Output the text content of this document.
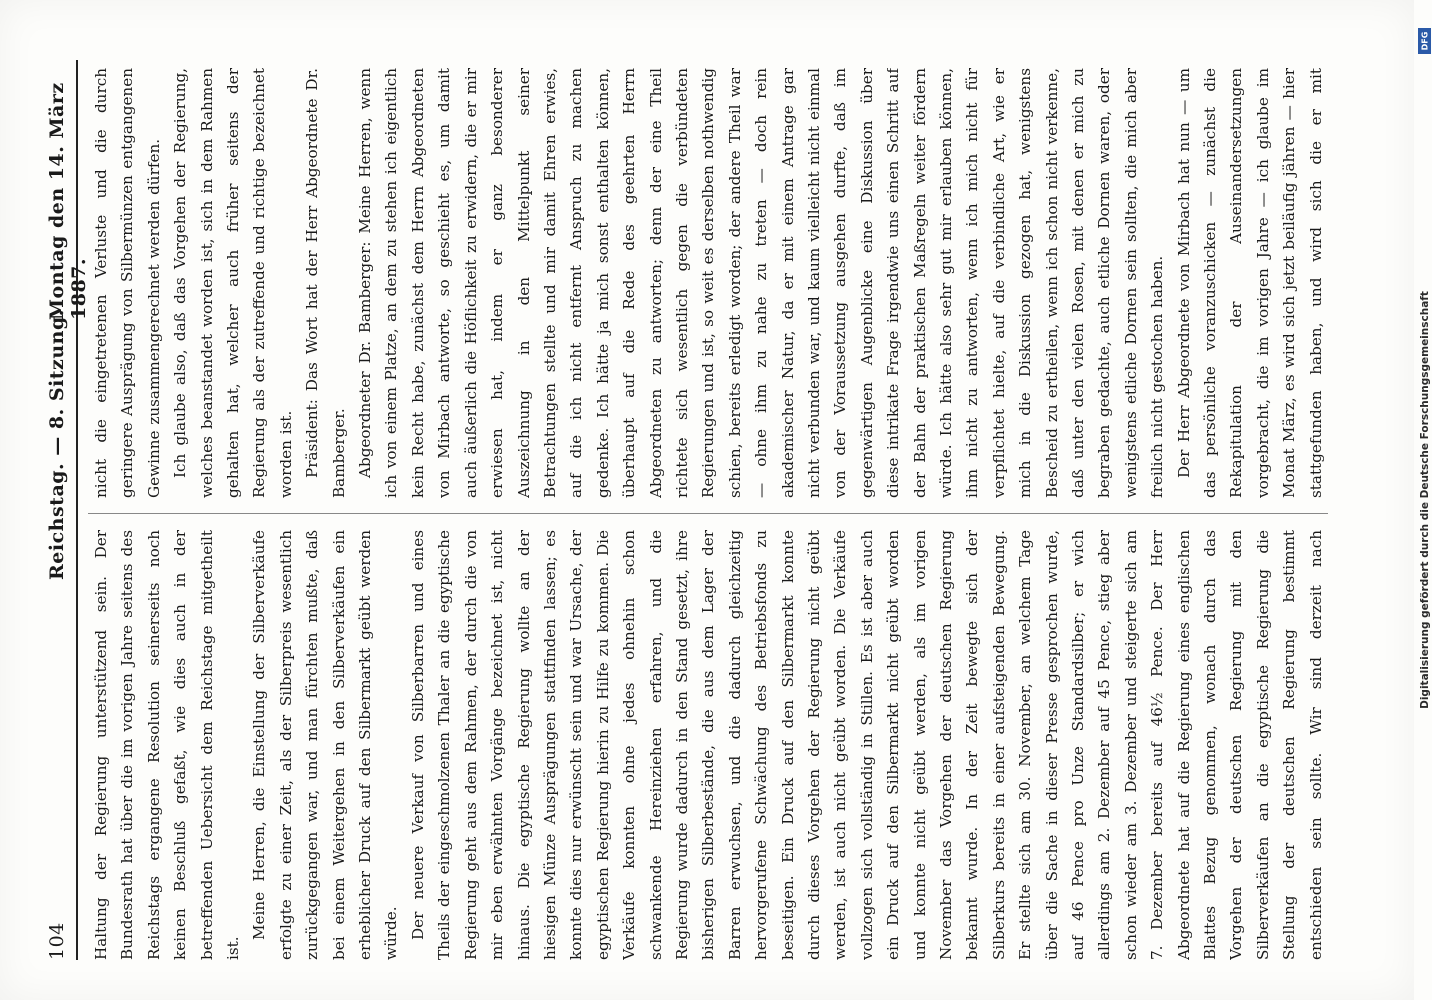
104
Reichstag. — 8. Sitzung.
Montag den 14. März 1887.

Haltung der Regierung unterstützend sein. Der Bundesrath hat über die im vorigen Jahre seitens des Reichstags ergangene Resolution seinerseits noch keinen Beschluß gefaßt, wie dies auch in der betreffenden Uebersicht dem Reichstage mitgetheilt ist.

Meine Herren, die Einstellung der Silberverkäufe erfolgte zu einer Zeit, als der Silberpreis wesentlich zurückgegangen war, und man fürchten mußte, daß bei einem Weitergehen in den Silberverkäufen ein erheblicher Druck auf den Silbermarkt geübt werden würde. Der neuere Verkauf von Silberbarren und eines Theils der eingeschmolzenen Thaler an die egyptische Regierung geht aus dem Rahmen, der durch die von mir eben erwähnten Vorgänge bezeichnet ist, nicht hinaus. Die egyptische Regierung wollte an der hiesigen Münze Ausprägungen stattfinden lassen; es konnte dies nur erwünscht sein und war Ursache, der egyptischen Regierung hierin zu Hilfe zu kommen. Die Verkäufe konnten ohne jedes ohnehin schon schwankende Hereinziehen erfahren, und die Regierung wurde dadurch in den Stand gesetzt, ihre bisherigen Silberbestände, die aus dem Lager der Barren erwuchsen, und die dadurch gleichzeitig hervorgerufene Schwächung des Betriebsfonds zu beseitigen. Ein Druck auf den Silbermarkt konnte durch dieses Vorgehen der Regierung nicht geübt werden, ist auch nicht geübt worden. Die Verkäufe vollzogen sich vollständig in Stillen. Es ist aber auch ein Druck auf den Silbermarkt nicht geübt worden und konnte nicht geübt werden, als im vorigen November das Vorgehen der deutschen Regierung bekannt wurde. In der Zeit bewegte sich der Silberkurs bereits in einer aufsteigenden Bewegung. Er stellte sich am 30. November, an welchem Tage über die Sache in dieser Presse gesprochen wurde, auf 46 Pence pro Unze Standardsilber; er wich allerdings am 2. Dezember auf 45 Pence, stieg aber schon wieder am 3. Dezember und steigerte sich am 7. Dezember bereits auf 46½ Pence. Der Herr Abgeordnete hat auf die Regierung eines englischen Blattes Bezug genommen, wonach durch das Vorgehen der deutschen Regierung mit den Silberverkäufen an die egyptische Regierung die Stellung der deutschen Regierung bestimmt entschieden sein sollte. Wir sind derzeit nach

nicht die eingetretenen Verluste und die durch geringere Ausprägung von Silbermünzen entgangenen Gewinne zusammengerechnet werden dürfen. Ich glaube also, daß das Vorgehen der Regierung, welches beanstandet worden ist, sich in dem Rahmen gehalten hat, welcher auch früher seitens der Regierung als der zutreffende und richtige bezeichnet worden ist. Präsident: Das Wort hat der Herr Abgeordnete Dr. Bamberger. Abgeordneter Dr. Bamberger: Meine Herren, wenn ich von einem Platze, an dem zu stehen ich eigentlich kein Recht habe, zunächst dem Herrn Abgeordneten von Mirbach antworte, so geschieht es, um damit auch äußerlich die Höflichkeit zu erwidern, die er mir erwiesen hat, indem er ganz besonderer Auszeichnung in den Mittelpunkt seiner Betrachtungen stellte und mir damit Ehren erwies, auf die ich nicht entfernt Anspruch zu machen gedenke. Ich hätte ja mich sonst enthalten können, überhaupt auf die Rede des geehrten Herrn Abgeordneten zu antworten; denn der eine Theil richtete sich wesentlich gegen die verbündeten Regierungen und ist, so weit es derselben nothwendig schien, bereits erledigt worden; der andere Theil war — ohne ihm zu nahe zu treten — doch rein akademischer Natur, da er mit einem Antrage gar nicht verbunden war, und kaum vielleicht nicht einmal von der Voraussetzung ausgehen durfte, daß im gegenwärtigen Augenblicke eine Diskussion über diese intrikate Frage irgendwie uns einen Schritt auf der Bahn der praktischen Maßregeln weiter fördern würde. Ich hätte also sehr gut mir erlauben können, ihm nicht zu antworten, wenn ich mich nicht für verpflichtet hielte, auf die verbindliche Art, wie er mich in die Diskussion gezogen hat, wenigstens Bescheid zu ertheilen, wenn ich schon nicht verkenne, daß unter den vielen Rosen, mit denen er mich zu begraben gedachte, auch etliche Dornen waren, oder wenigstens etliche Dornen sein sollten, die mich aber freilich nicht gestochen haben. Der Herr Abgeordnete von Mirbach hat nun — um das persönliche voranzuschicken — zunächst die Rekapitulation der Auseinandersetzungen vorgebracht, die im vorigen Jahre — ich glaube im Monat März, es wird sich jetzt beiläufig jähren — hier stattgefunden haben, und wird sich die er mit

DFG
Digitalisierung gefördert durch die Deutsche Forschungsgemeinschaft
